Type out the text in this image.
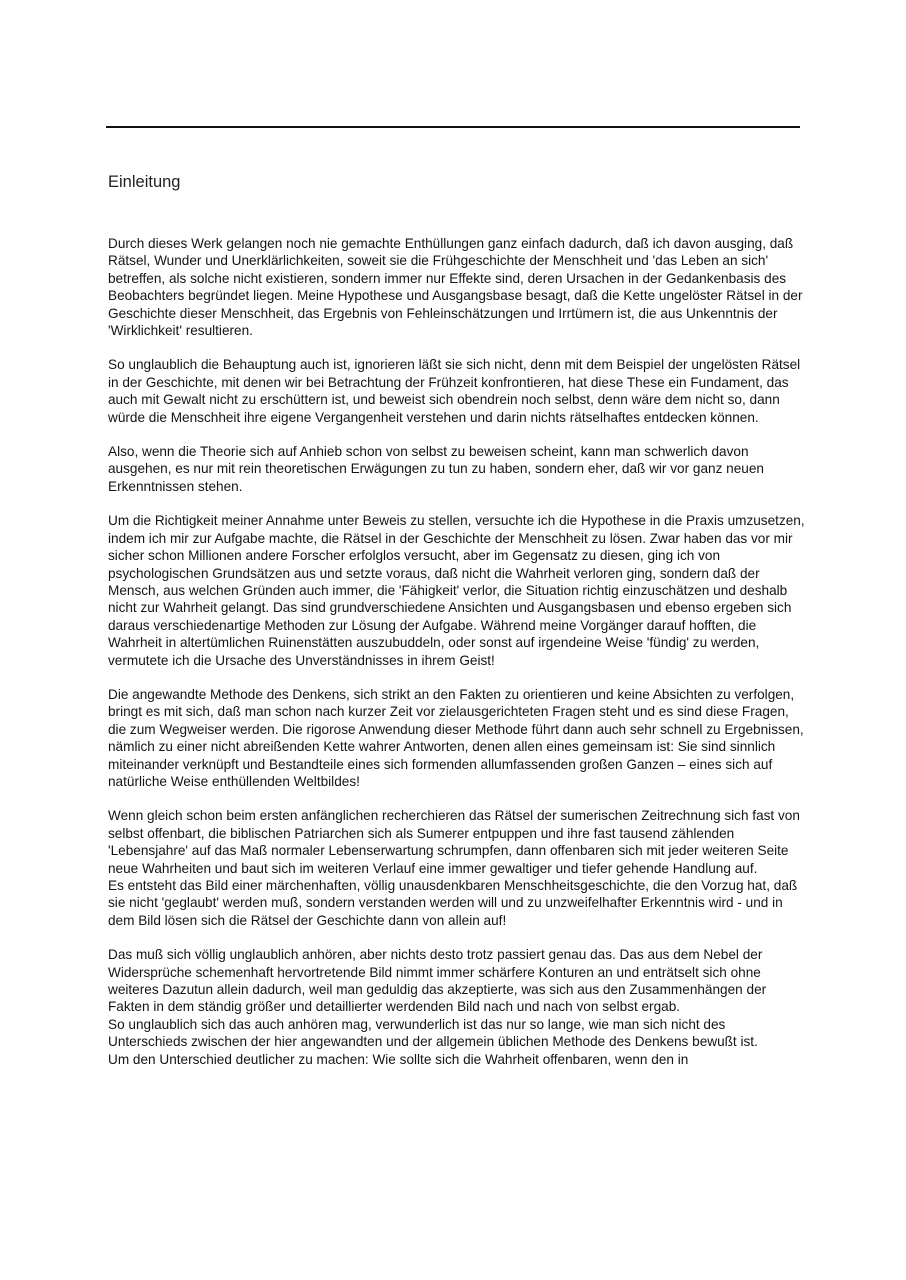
Einleitung

Durch dieses Werk gelangen noch nie gemachte Enthüllungen ganz einfach dadurch, daß ich davon ausging, daß Rätsel, Wunder und Unerklärlichkeiten, soweit sie die Frühgeschichte der Menschheit und 'das Leben an sich' betreffen, als solche nicht existieren, sondern immer nur Effekte sind, deren Ursachen in der Gedankenbasis des Beobachters begründet liegen. Meine Hypothese und Ausgangsbase besagt, daß die Kette ungelöster Rätsel in der Geschichte dieser Menschheit, das Ergebnis von Fehleinschätzungen und Irrtümern ist, die aus Unkenntnis der 'Wirklichkeit' resultieren.

So unglaublich die Behauptung auch ist, ignorieren läßt sie sich nicht, denn mit dem Beispiel der ungelösten Rätsel in der Geschichte, mit denen wir bei Betrachtung der Frühzeit konfrontieren, hat diese These ein Fundament, das auch mit Gewalt nicht zu erschüttern ist, und beweist sich obendrein noch selbst, denn wäre dem nicht so, dann würde die Menschheit ihre eigene Vergangenheit verstehen und darin nichts rätselhaftes entdecken können.

Also, wenn die Theorie sich auf Anhieb schon von selbst zu beweisen scheint, kann man schwerlich davon ausgehen, es nur mit rein theoretischen Erwägungen zu tun zu haben, sondern eher, daß wir vor ganz neuen Erkenntnissen stehen.

Um die Richtigkeit meiner Annahme unter Beweis zu stellen, versuchte ich die Hypothese in die Praxis umzusetzen, indem ich mir zur Aufgabe machte, die Rätsel in der Geschichte der Menschheit zu lösen. Zwar haben das vor mir sicher schon Millionen andere Forscher erfolglos versucht, aber im Gegensatz zu diesen, ging ich von psychologischen Grundsätzen aus und setzte voraus, daß nicht die Wahrheit verloren ging, sondern daß der Mensch, aus welchen Gründen auch immer, die 'Fähigkeit' verlor, die Situation richtig einzuschätzen und deshalb nicht zur Wahrheit gelangt. Das sind grundverschiedene Ansichten und Ausgangsbasen und ebenso ergeben sich daraus verschiedenartige Methoden zur Lösung der Aufgabe. Während meine Vorgänger darauf hofften, die Wahrheit in altertümlichen Ruinenstätten auszubuddeln, oder sonst auf irgendeine Weise 'fündig' zu werden, vermutete ich die Ursache des Unverständnisses in ihrem Geist!

Die angewandte Methode des Denkens, sich strikt an den Fakten zu orientieren und keine Absichten zu verfolgen, bringt es mit sich, daß man schon nach kurzer Zeit vor zielausgerichteten Fragen steht und es sind diese Fragen, die zum Wegweiser werden. Die rigorose Anwendung dieser Methode führt dann auch sehr schnell zu Ergebnissen, nämlich zu einer nicht abreißenden Kette wahrer Antworten, denen allen eines gemeinsam ist: Sie sind sinnlich miteinander verknüpft und Bestandteile eines sich formenden allumfassenden großen Ganzen – eines sich auf natürliche Weise enthüllenden Weltbildes!

Wenn gleich schon beim ersten anfänglichen recherchieren das Rätsel der sumerischen Zeitrechnung sich fast von selbst offenbart, die biblischen Patriarchen sich als Sumerer entpuppen und ihre fast tausend zählenden 'Lebensjahre' auf das Maß normaler Lebenserwartung schrumpfen, dann offenbaren sich mit jeder weiteren Seite neue Wahrheiten und baut sich im weiteren Verlauf eine immer gewaltiger und tiefer gehende Handlung auf.

Es entsteht das Bild einer märchenhaften, völlig unausdenkbaren Menschheitsgeschichte, die den Vorzug hat, daß sie nicht 'geglaubt' werden muß, sondern verstanden werden will und zu unzweifelhafter Erkenntnis wird - und in dem Bild lösen sich die Rätsel der Geschichte dann von allein auf!

Das muß sich völlig unglaublich anhören, aber nichts desto trotz passiert genau das. Das aus dem Nebel der Widersprüche schemenhaft hervortretende Bild nimmt immer schärfere Konturen an und enträtselt sich ohne weiteres Dazutun allein dadurch, weil man geduldig das akzeptierte, was sich aus den Zusammenhängen der Fakten in dem ständig größer und detaillierter werdenden Bild nach und nach von selbst ergab.

So unglaublich sich das auch anhören mag, verwunderlich ist das nur so lange, wie man sich nicht des Unterschieds zwischen der hier angewandten und der allgemein üblichen Methode des Denkens bewußt ist.

Um den Unterschied deutlicher zu machen: Wie sollte sich die Wahrheit offenbaren, wenn den in
